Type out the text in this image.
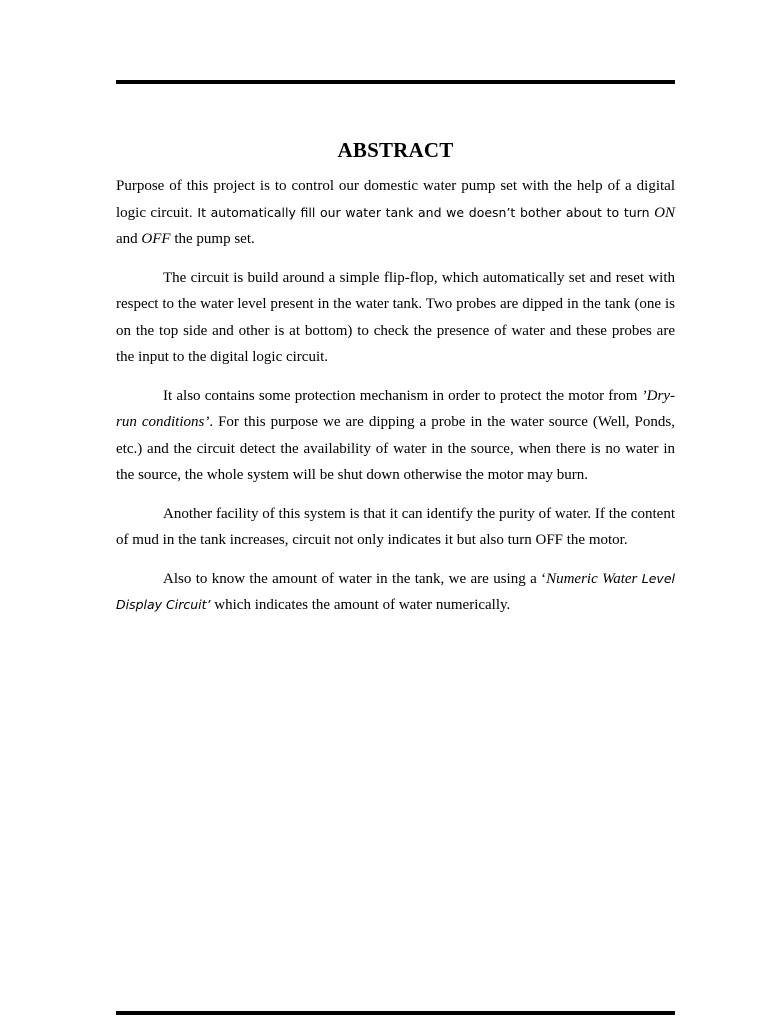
ABSTRACT

Purpose of this project is to control our domestic water pump set with the help of a digital logic circuit. It automatically fill our water tank and we doesn’t bother about to turn ON and OFF the pump set.

The circuit is build around a simple flip-flop, which automatically set and reset with respect to the water level present in the water tank. Two probes are dipped in the tank (one is on the top side and other is at bottom) to check the presence of water and these probes are the input to the digital logic circuit.

It also contains some protection mechanism in order to protect the motor from ’Dry-run conditions’. For this purpose we are dipping a probe in the water source (Well, Ponds, etc.) and the circuit detect the availability of water in the source, when there is no water in the source, the whole system will be shut down otherwise the motor may burn.

Another facility of this system is that it can identify the purity of water. If the content of mud in the tank increases, circuit not only indicates it but also turn OFF the motor.

Also to know the amount of water in the tank, we are using a ‘Numeric Water Level Display Circuit’ which indicates the amount of water numerically.
